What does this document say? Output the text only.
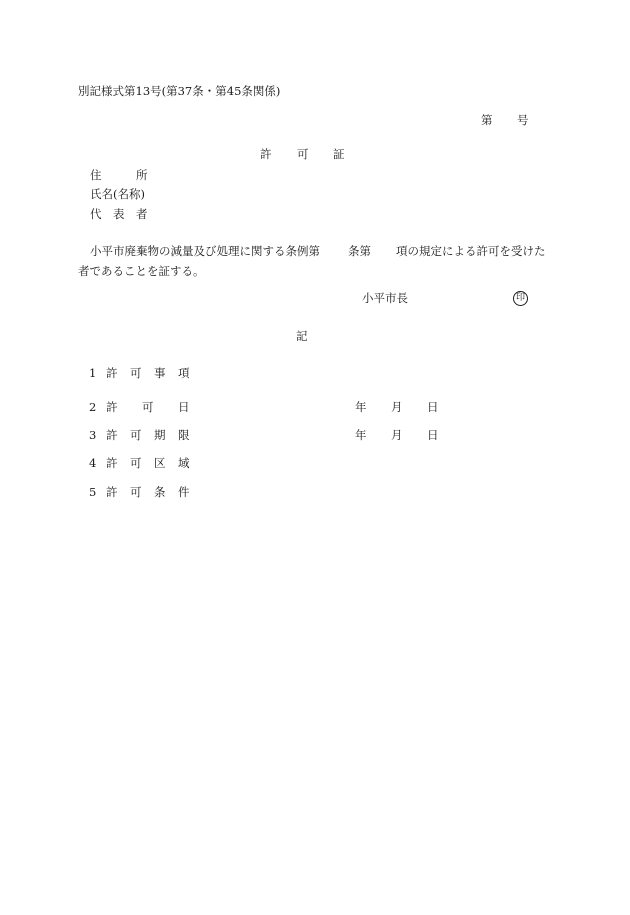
別記様式第13号(第37条・第45条関係)
第 号
許 可 証
住	所
氏名(名称)
代 表 者
小平市廃棄物の減量及び処理に関する条例第 条第 項の規定による許可を受けた
者であることを証する。
小平市長	印
記
1 許 可 事 項
2 許 可 日	年 月 日
3 許 可 期 限	年 月 日
4 許 可 区 域
5 許 可 条 件
